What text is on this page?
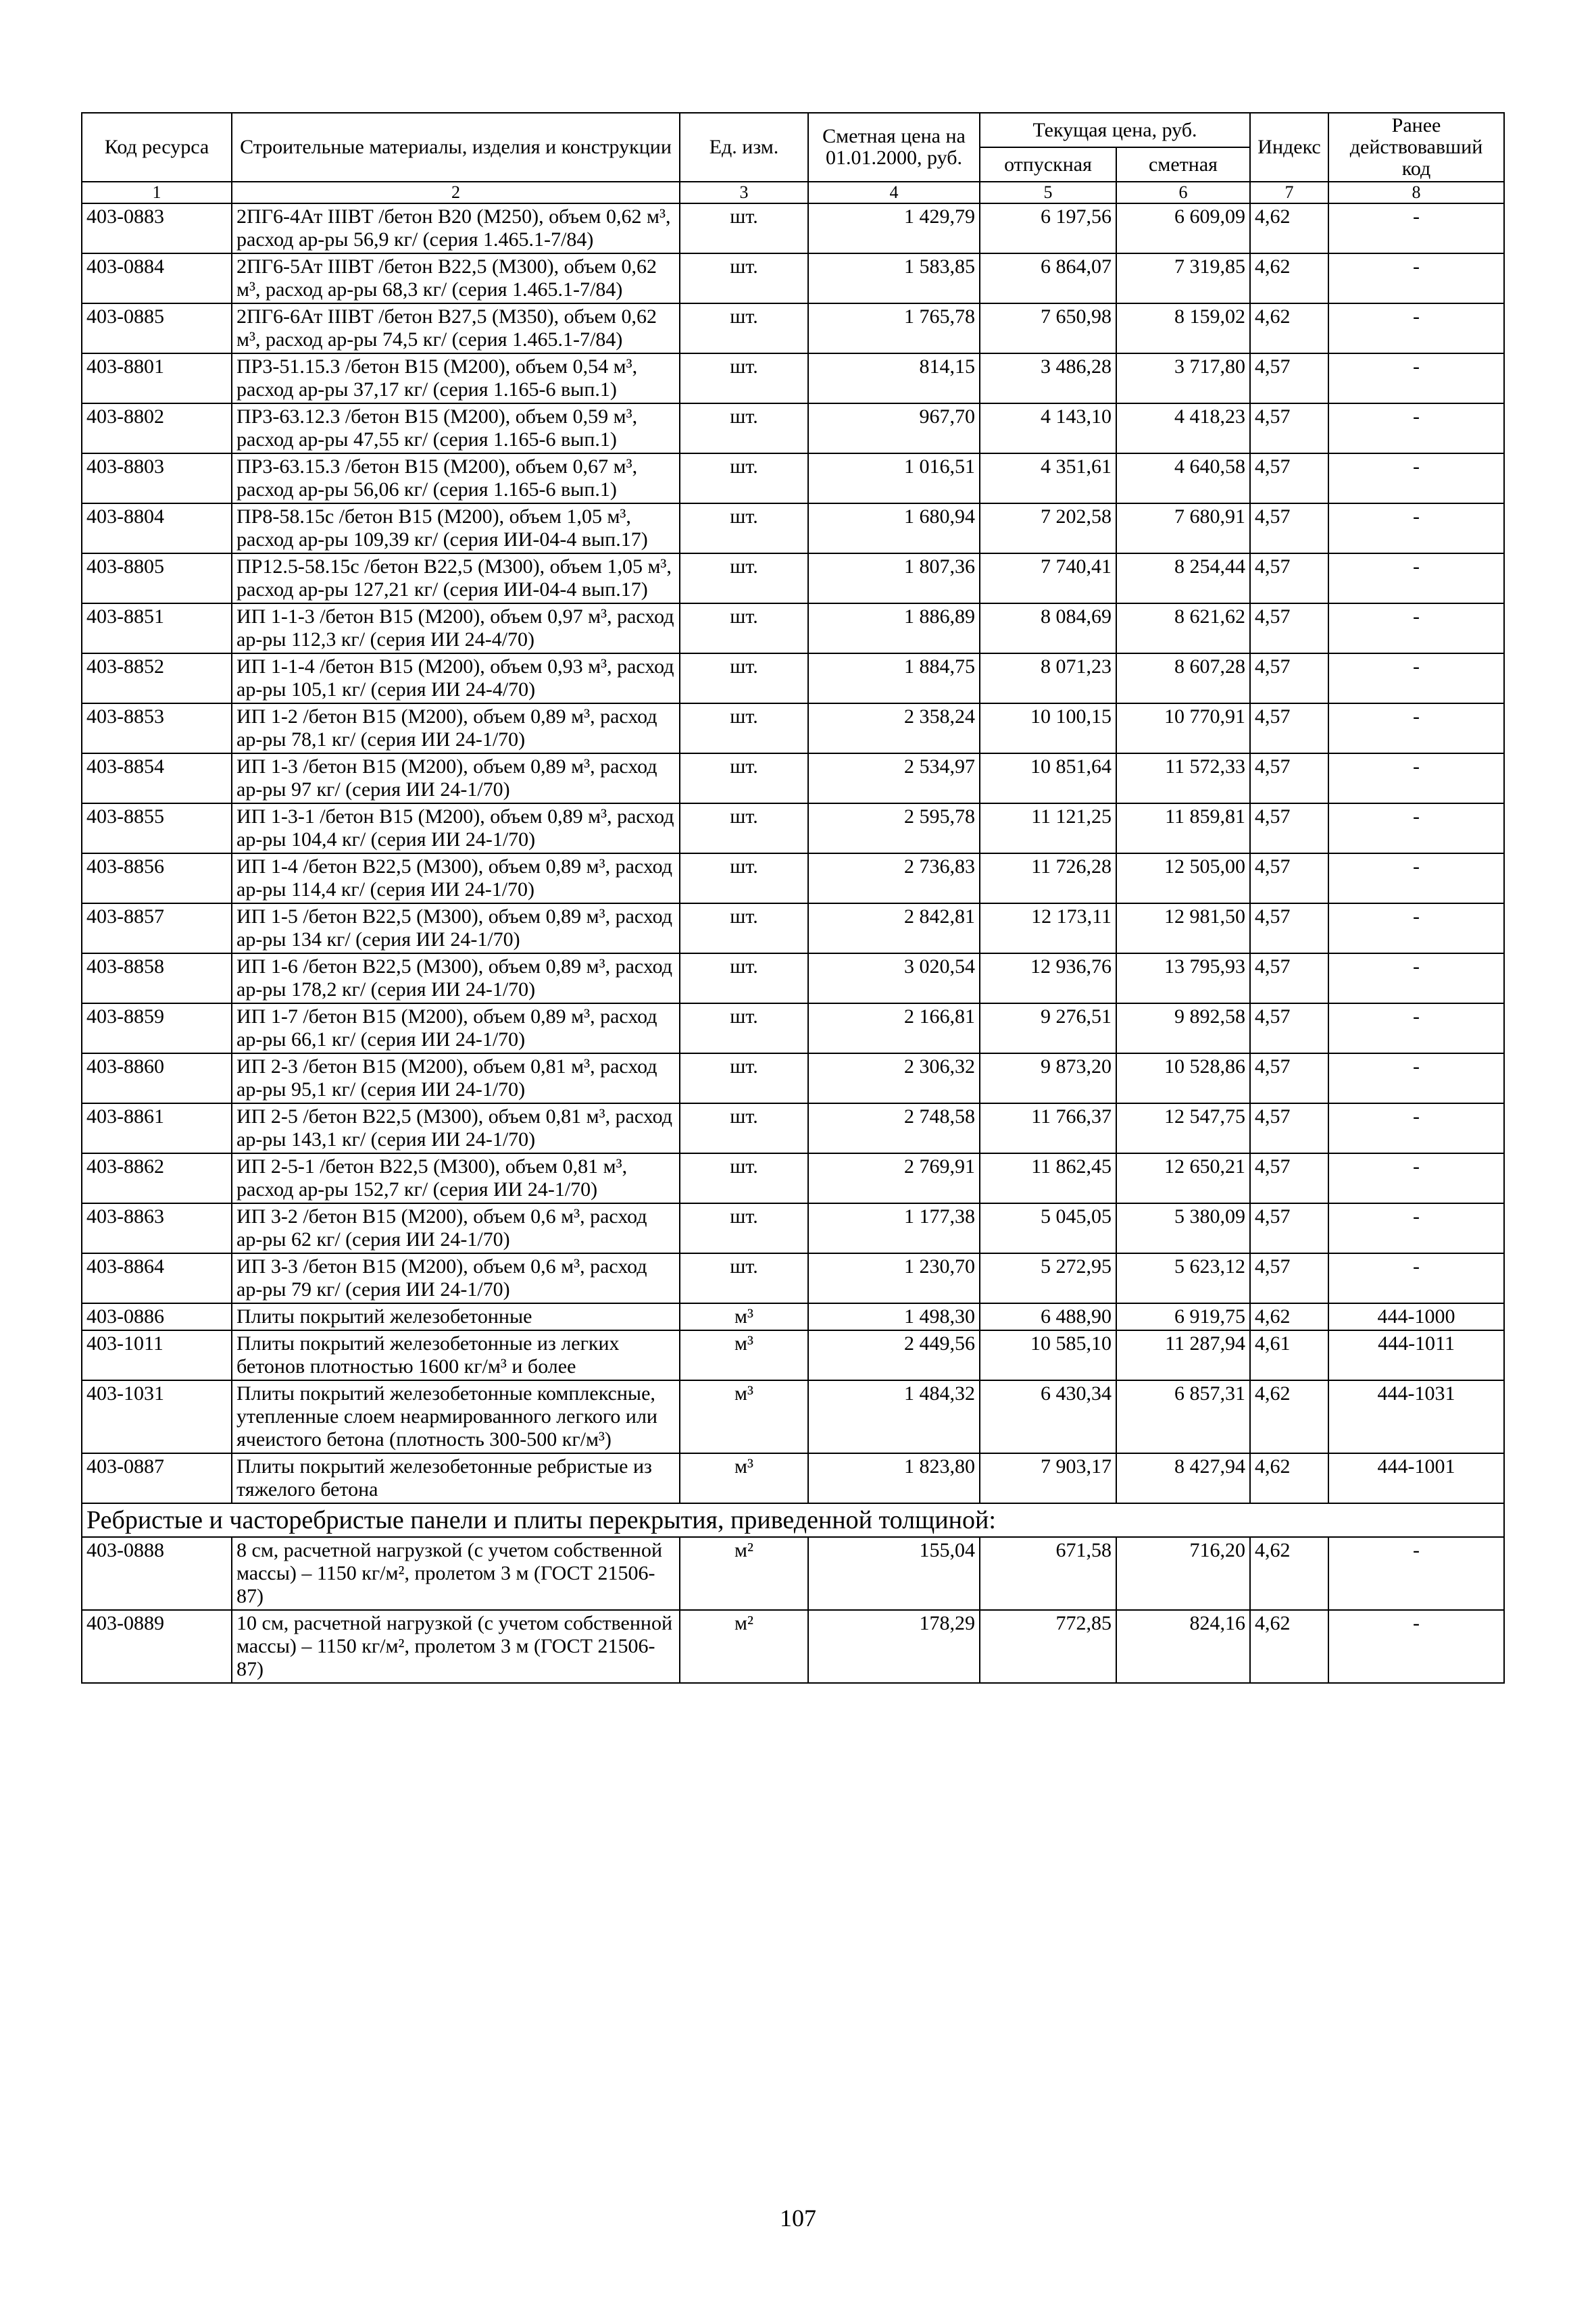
Код ресурса	Строительные материалы, изделия и конструкции	Ед. изм.	Сметная цена на 01.01.2000, руб.	Текущая цена, руб.		Индекс	Ранее действовавший код
				отпускная	сметная		
1	2	3	4	5	6	7	8
403-0883	2ПГ6-4Ат IIIВТ /бетон В20 (М250), объем 0,62 м³, расход ар-ры 56,9 кг/ (серия 1.465.1-7/84)	шт.	1 429,79	6 197,56	6 609,09	4,62	-
403-0884	2ПГ6-5Ат IIIВТ /бетон В22,5 (М300), объем 0,62 м³, расход ар-ры 68,3 кг/ (серия 1.465.1-7/84)	шт.	1 583,85	6 864,07	7 319,85	4,62	-
403-0885	2ПГ6-6Ат IIIВТ /бетон В27,5 (М350), объем 0,62 м³, расход ар-ры 74,5 кг/ (серия 1.465.1-7/84)	шт.	1 765,78	7 650,98	8 159,02	4,62	-
403-8801	ПР3-51.15.3 /бетон В15 (М200), объем 0,54 м³, расход ар-ры 37,17 кг/ (серия 1.165-6 вып.1)	шт.	814,15	3 486,28	3 717,80	4,57	-
403-8802	ПР3-63.12.3 /бетон В15 (М200), объем 0,59 м³, расход ар-ры 47,55 кг/ (серия 1.165-6 вып.1)	шт.	967,70	4 143,10	4 418,23	4,57	-
403-8803	ПР3-63.15.3 /бетон В15 (М200), объем 0,67 м³, расход ар-ры 56,06 кг/ (серия 1.165-6 вып.1)	шт.	1 016,51	4 351,61	4 640,58	4,57	-
403-8804	ПР8-58.15с /бетон В15 (М200), объем 1,05 м³, расход ар-ры 109,39 кг/ (серия ИИ-04-4 вып.17)	шт.	1 680,94	7 202,58	7 680,91	4,57	-
403-8805	ПР12.5-58.15с /бетон В22,5 (М300), объем 1,05 м³, расход ар-ры 127,21 кг/ (серия ИИ-04-4 вып.17)	шт.	1 807,36	7 740,41	8 254,44	4,57	-
403-8851	ИП 1-1-3 /бетон В15 (М200), объем 0,97 м³, расход ар-ры 112,3 кг/ (серия ИИ 24-4/70)	шт.	1 886,89	8 084,69	8 621,62	4,57	-
403-8852	ИП 1-1-4 /бетон В15 (М200), объем 0,93 м³, расход ар-ры 105,1 кг/ (серия ИИ 24-4/70)	шт.	1 884,75	8 071,23	8 607,28	4,57	-
403-8853	ИП 1-2 /бетон В15 (М200), объем 0,89 м³, расход ар-ры 78,1 кг/ (серия ИИ 24-1/70)	шт.	2 358,24	10 100,15	10 770,91	4,57	-
403-8854	ИП 1-3 /бетон В15 (М200), объем 0,89 м³, расход ар-ры 97 кг/ (серия ИИ 24-1/70)	шт.	2 534,97	10 851,64	11 572,33	4,57	-
403-8855	ИП 1-3-1 /бетон В15 (М200), объем 0,89 м³, расход ар-ры 104,4 кг/ (серия ИИ 24-1/70)	шт.	2 595,78	11 121,25	11 859,81	4,57	-
403-8856	ИП 1-4 /бетон В22,5 (М300), объем 0,89 м³, расход ар-ры 114,4 кг/ (серия ИИ 24-1/70)	шт.	2 736,83	11 726,28	12 505,00	4,57	-
403-8857	ИП 1-5 /бетон В22,5 (М300), объем 0,89 м³, расход ар-ры 134 кг/ (серия ИИ 24-1/70)	шт.	2 842,81	12 173,11	12 981,50	4,57	-
403-8858	ИП 1-6 /бетон В22,5 (М300), объем 0,89 м³, расход ар-ры 178,2 кг/ (серия ИИ 24-1/70)	шт.	3 020,54	12 936,76	13 795,93	4,57	-
403-8859	ИП 1-7 /бетон В15 (М200), объем 0,89 м³, расход ар-ры 66,1 кг/ (серия ИИ 24-1/70)	шт.	2 166,81	9 276,51	9 892,58	4,57	-
403-8860	ИП 2-3 /бетон В15 (М200), объем 0,81 м³, расход ар-ры 95,1 кг/ (серия ИИ 24-1/70)	шт.	2 306,32	9 873,20	10 528,86	4,57	-
403-8861	ИП 2-5 /бетон В22,5 (М300), объем 0,81 м³, расход ар-ры 143,1 кг/ (серия ИИ 24-1/70)	шт.	2 748,58	11 766,37	12 547,75	4,57	-
403-8862	ИП 2-5-1 /бетон В22,5 (М300), объем 0,81 м³, расход ар-ры 152,7 кг/ (серия ИИ 24-1/70)	шт.	2 769,91	11 862,45	12 650,21	4,57	-
403-8863	ИП 3-2 /бетон В15 (М200), объем 0,6 м³, расход ар-ры 62 кг/ (серия ИИ 24-1/70)	шт.	1 177,38	5 045,05	5 380,09	4,57	-
403-8864	ИП 3-3 /бетон В15 (М200), объем 0,6 м³, расход ар-ры 79 кг/ (серия ИИ 24-1/70)	шт.	1 230,70	5 272,95	5 623,12	4,57	-
403-0886	Плиты покрытий железобетонные	м³	1 498,30	6 488,90	6 919,75	4,62	444-1000
403-1011	Плиты покрытий железобетонные из легких бетонов плотностью 1600 кг/м³ и более	м³	2 449,56	10 585,10	11 287,94	4,61	444-1011
403-1031	Плиты покрытий железобетонные комплексные, утепленные слоем неармированного легкого или ячеистого бетона (плотность 300-500 кг/м³)	м³	1 484,32	6 430,34	6 857,31	4,62	444-1031
403-0887	Плиты покрытий железобетонные ребристые из тяжелого бетона	м³	1 823,80	7 903,17	8 427,94	4,62	444-1001
Ребристые и часторебристые панели и плиты перекрытия, приведенной толщиной:							
403-0888	8 см, расчетной нагрузкой (с учетом собственной массы) – 1150 кг/м², пролетом 3 м (ГОСТ 21506-87)	м²	155,04	671,58	716,20	4,62	-
403-0889	10 см, расчетной нагрузкой (с учетом собственной массы) – 1150 кг/м², пролетом 3 м (ГОСТ 21506-87)	м²	178,29	772,85	824,16	4,62	-
107
